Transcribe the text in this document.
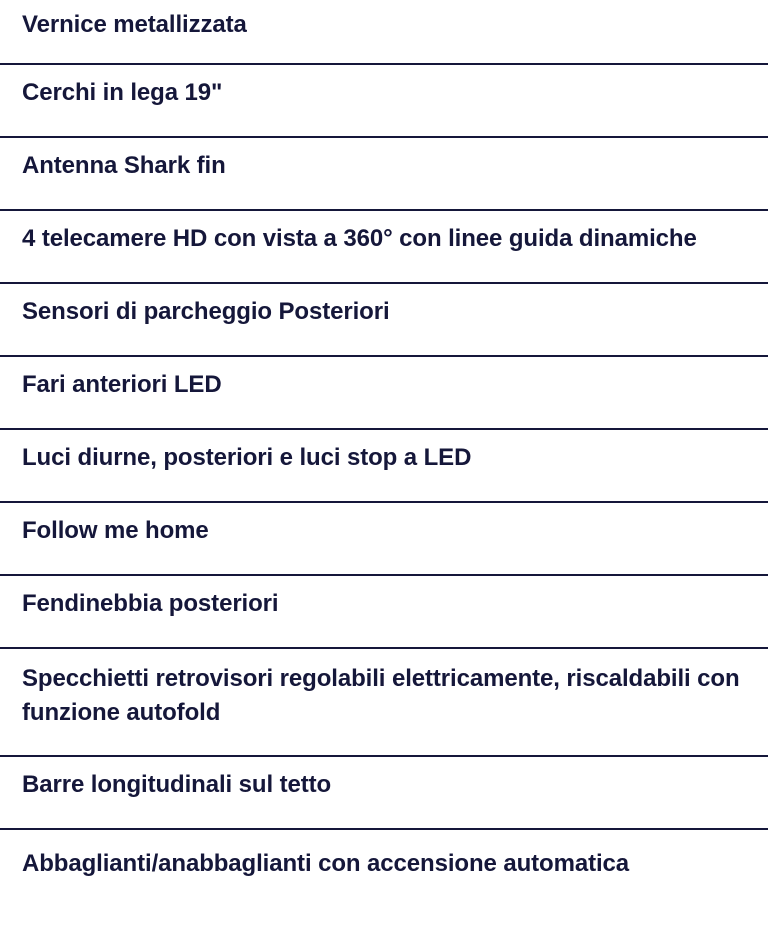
Vernice metallizzata
Cerchi in lega 19"
Antenna Shark fin
4 telecamere HD con vista a 360° con linee guida dinamiche
Sensori di parcheggio Posteriori
Fari anteriori LED
Luci diurne, posteriori e luci stop a LED
Follow me home
Fendinebbia posteriori
Specchietti retrovisori regolabili elettricamente, riscaldabili con funzione autofold
Barre longitudinali sul tetto
Abbaglianti/anabbaglianti con accensione automatica
